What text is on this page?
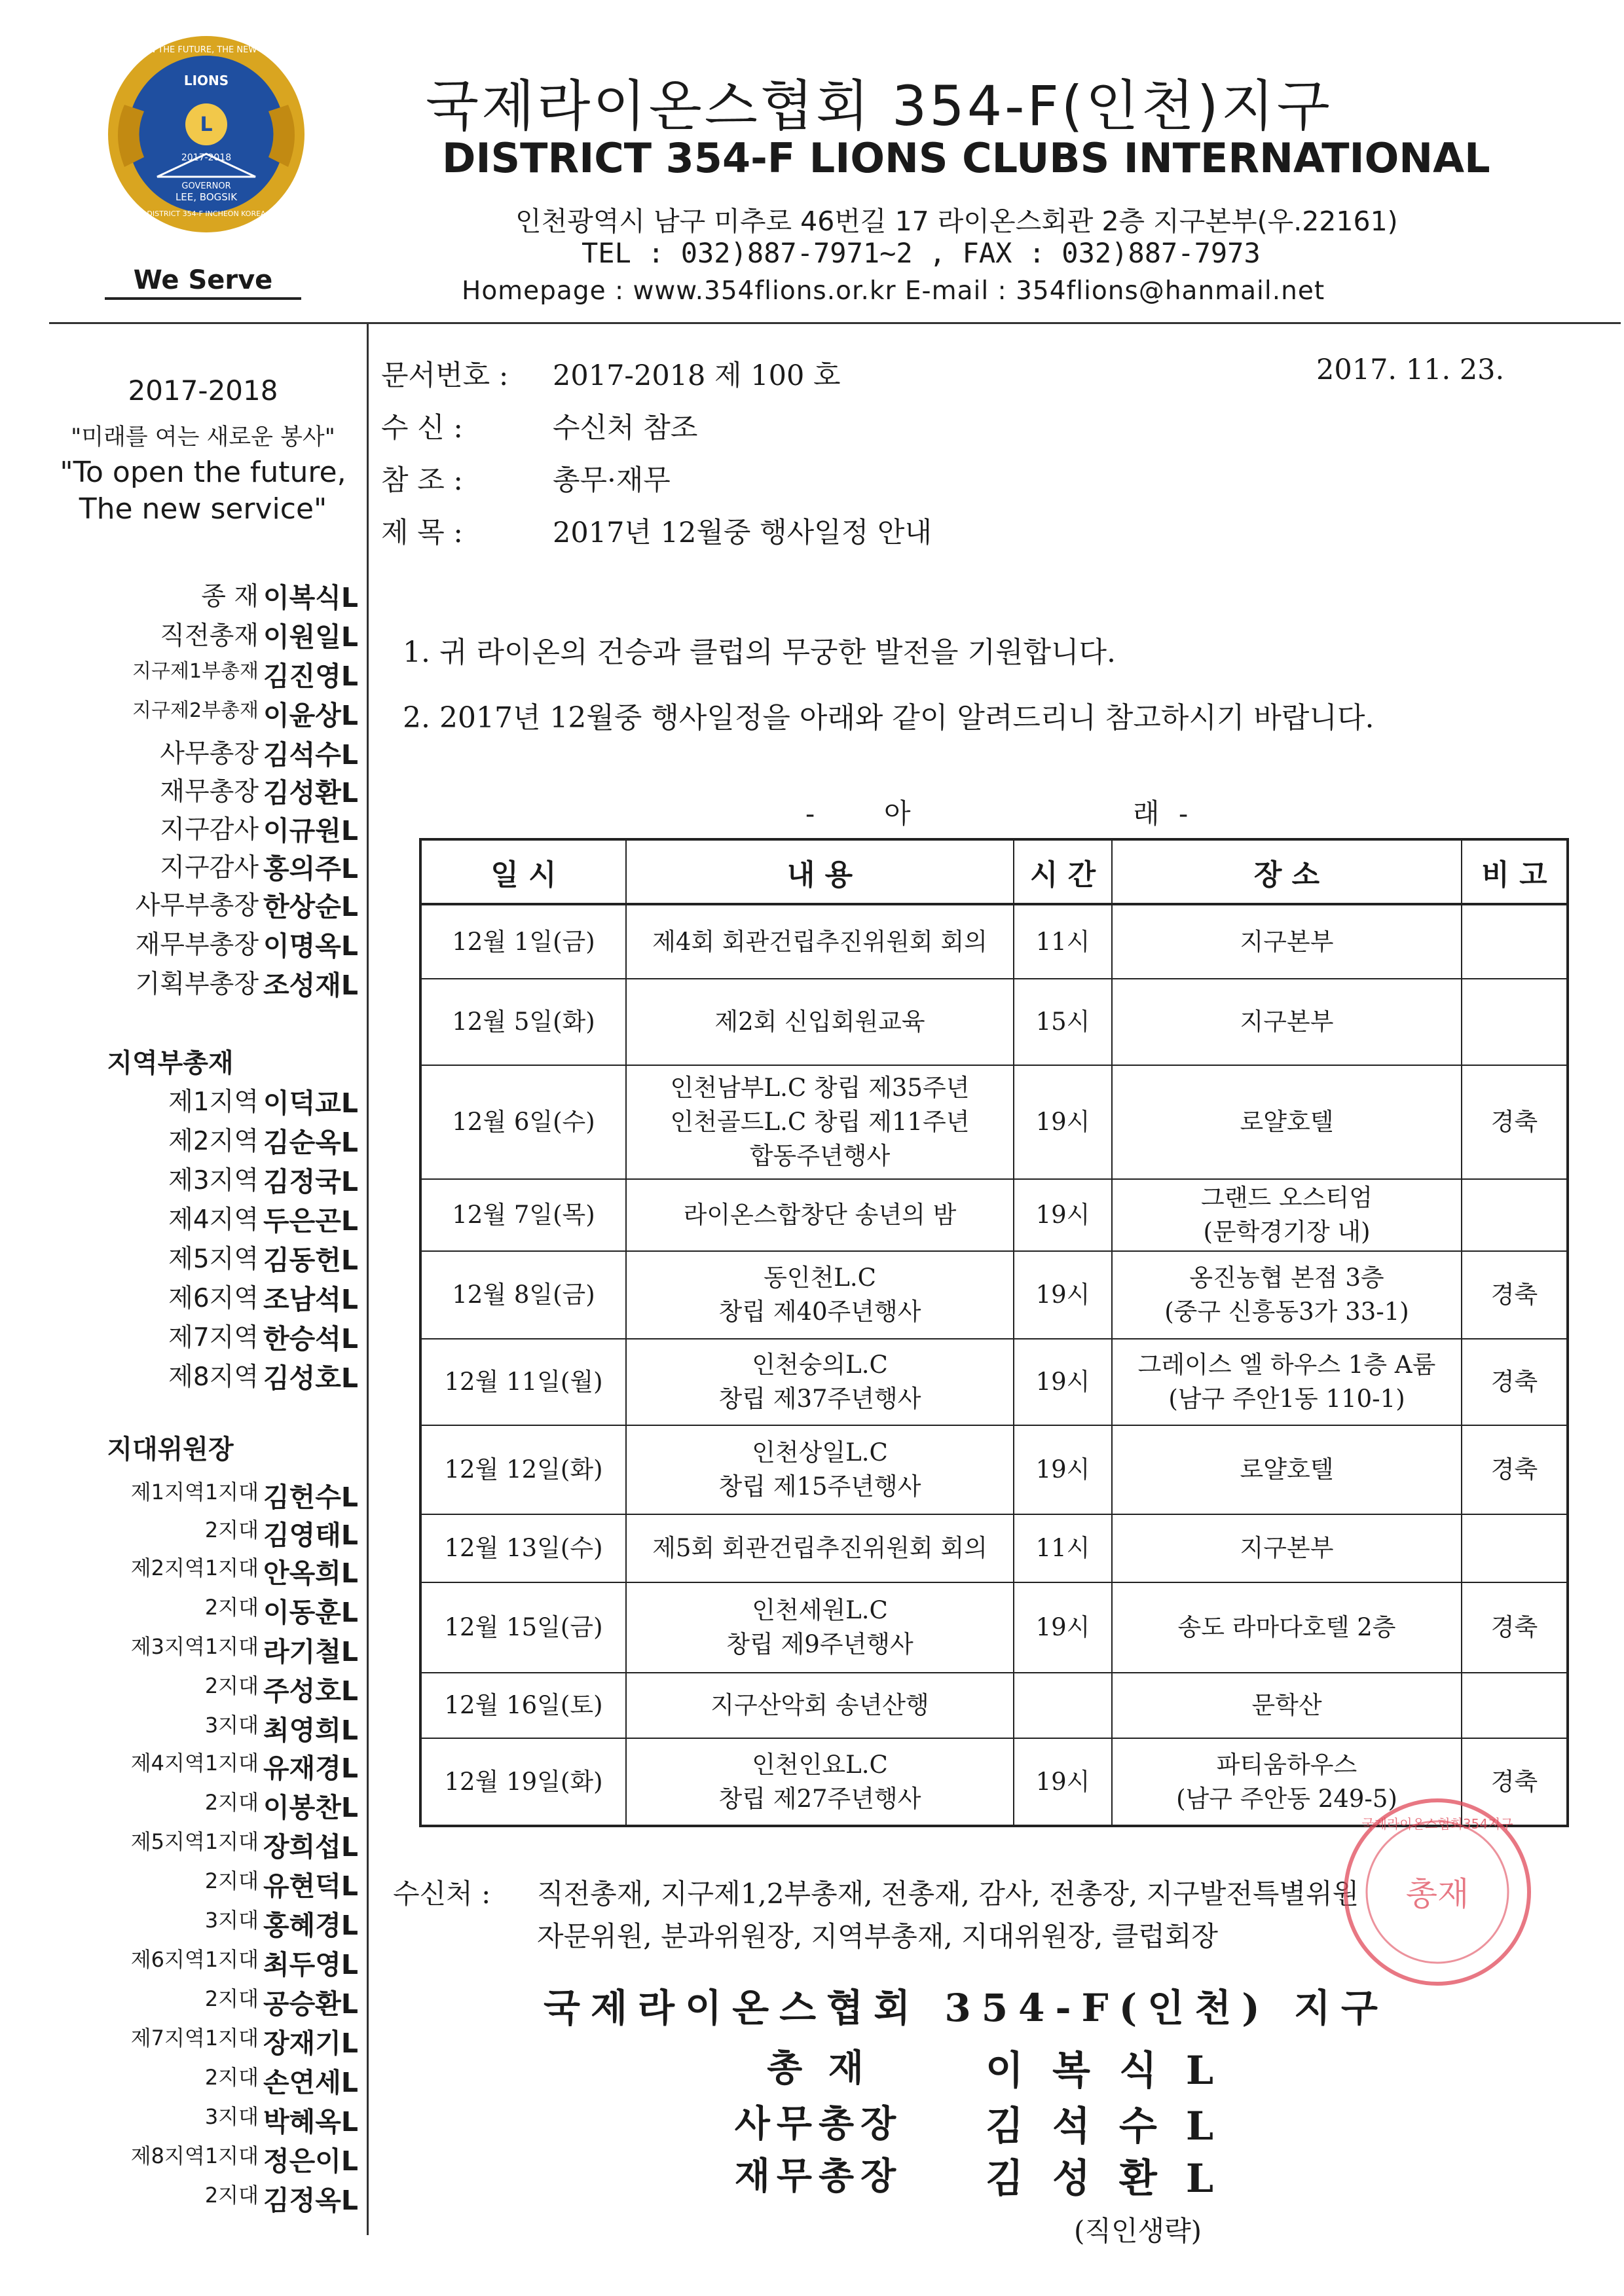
L
TO OPEN THE FUTURE, THE NEW SERVICE
LIONS
2017-2018
GOVERNOR
LEE, BOGSIK
DISTRICT 354-F INCHEON KOREA
We Serve
국제라이온스협회 354-F(인천)지구
DISTRICT 354-F LIONS CLUBS INTERNATIONAL
인천광역시 남구 미추로 46번길 17 라이온스회관 2층 지구본부(우.22161)
TEL : 032)887-7971~2 , FAX : 032)887-7973
Homepage : www.354flions.or.kr E-mail : 354flions@hanmail.net
2017-2018
"미래를 여는 새로운 봉사"
"To open the future,
The new service"
종 재 이복식L
직전총재 이원일L
지구제1부총재 김진영L
지구제2부총재 이윤상L
사무총장 김석수L
재무총장 김성환L
지구감사 이규원L
지구감사 홍의주L
사무부총장 한상순L
재무부총장 이명옥L
기획부총장 조성재L
지역부총재
제1지역 이덕교L
제2지역 김순옥L
제3지역 김정국L
제4지역 두은곤L
제5지역 김동헌L
제6지역 조남석L
제7지역 한승석L
제8지역 김성호L
지대위원장
제1지역1지대 김헌수L
2지대 김영태L
제2지역1지대 안옥희L
2지대 이동훈L
제3지역1지대 라기철L
2지대 주성호L
3지대 최영희L
제4지역1지대 유재경L
2지대 이봉찬L
제5지역1지대 장희섭L
2지대 유현덕L
3지대 홍혜경L
제6지역1지대 최두영L
2지대 공승환L
제7지역1지대 장재기L
2지대 손연세L
3지대 박혜옥L
제8지역1지대 정은이L
2지대 김정옥L
문서번호 : 2017-2018 제 100 호	2017. 11. 23.
수 신 :	수신처 참조
참 조 :	총무·재무
제 목 :	2017년 12월중 행사일정 안내
1. 귀 라이온의 건승과 클럽의 무궁한 발전을 기원합니다.
2. 2017년 12월중 행사일정을 아래와 같이 알려드리니 참고하시기 바랍니다.
-	아	래 -
일 시	내 용	시 간	장 소	비 고
12월 1일(금)	제4회 회관건립추진위원회 회의	11시	지구본부	

12월 5일(화)	제2회 신입회원교육	15시	지구본부	

12월 6일(수)	인천남부L.C 창립 제35주년
인천골드L.C 창립 제11주년
합동주년행사	19시	로얄호텔	경축
12월 7일(목)	라이온스합창단 송년의 밤	19시	그랜드 오스티엄
(문학경기장 내)	

12월 8일(금)	동인천L.C
창립 제40주년행사	19시	옹진농협 본점 3층
(중구 신흥동3가 33-1)	경축
12월 11일(월)	인천숭의L.C
창립 제37주년행사	19시	그레이스 엘 하우스 1층 A룸
(남구 주안1동 110-1)	경축
12월 12일(화)	인천상일L.C
창립 제15주년행사	19시	로얄호텔	경축
12월 13일(수)	제5회 회관건립추진위원회 회의	11시	지구본부	

12월 15일(금)	인천세원L.C
창립 제9주년행사	19시	송도 라마다호텔 2층	경축
12월 16일(토)	지구산악회 송년산행		문학산	

12월 19일(화)	인천인요L.C
창립 제27주년행사	19시	파티움하우스
(남구 주안동 249-5)	경축
수신처 : 직전총재, 지구제1,2부총재, 전총재, 감사, 전총장, 지구발전특별위원
자문위원, 분과위원장, 지역부총재, 지대위원장, 클럽회장
국제라이온스협회354지구
총재
국제라이온스협회 354-F(인천) 지구
총 재	이복식L
사무총장	김석수L
재무총장	김성환L
(직인생략)
